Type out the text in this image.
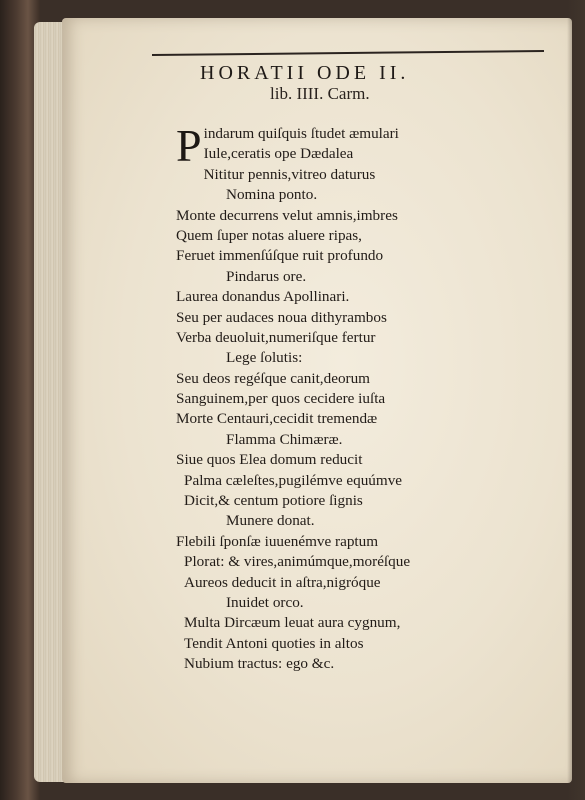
HORATII ODE II.
lib. IIII. Carm.
Pindarum quiſquis ſtudet æmulari
Iule,ceratis ope Dædalea
Nititur pennis,vitreo daturus
Nomina ponto.
Monte decurrens velut amnis,imbres
Quem ſuper notas aluere ripas,
Feruet immenſúſque ruit profundo
Pindarus ore.
Laurea donandus Apollinari.
Seu per audaces noua dithyrambos
Verba deuoluit,numeriſque fertur
Lege ſolutis:
Seu deos regéſque canit,deorum
Sanguinem,per quos cecidere iuſta
Morte Centauri,cecidit tremendæ
Flamma Chimæræ.
Siue quos Elea domum reducit
Palma cæleſtes,pugilémve equúmve
Dicit,& centum potiore ſignis
Munere donat.
Flebili ſponſæ iuuenémve raptum
Plorat: & vires,animúmque,moréſque
Aureos deducit in aſtra,nigróque
Inuidet orco.
Multa Dircæum leuat aura cygnum,
Tendit Antoni quoties in altos
Nubium tractus: ego &c.
